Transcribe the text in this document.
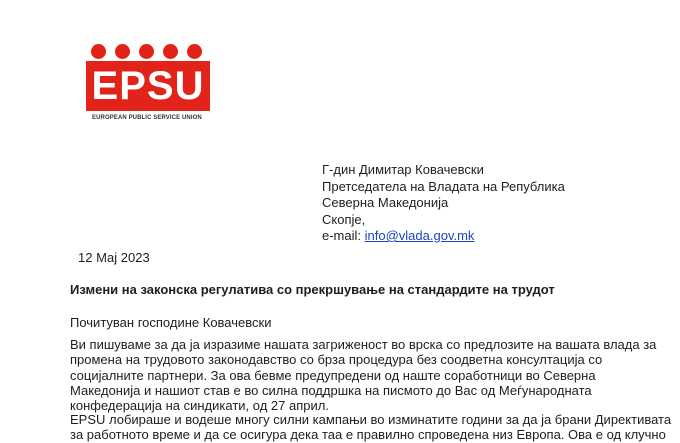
EPSU
EUROPEAN PUBLIC SERVICE UNION
Г-дин Димитар Ковачевски
Претседатела на Владата на Република
Северна Македонија
Скопје,
e-mail: info@vlada.gov.mk
12 Мај 2023
Измени на законска регулатива со прекршување на стандардите на трудот
Почитуван господине Ковачевски
Ви пишуваме за да ја изразиме нашата загриженост во врска со предлозите на вашата влада за
промена на трудовото законодавство со брза процедура без соодветна консултација со
социјалните партнери. За ова бевме предупредени од наште соработници во Северна
Македонија и нашиот став е во силна поддршка на писмото до Вас од Меѓународната
конфедерација на синдикати, од 27 април.
EPSU лобираше и водеше многу силни кампањи во изминатите години за да ја брани Директивата
за работното време и да се осигура дека таа е правилно спроведена низ Европа. Ова е од клучно
